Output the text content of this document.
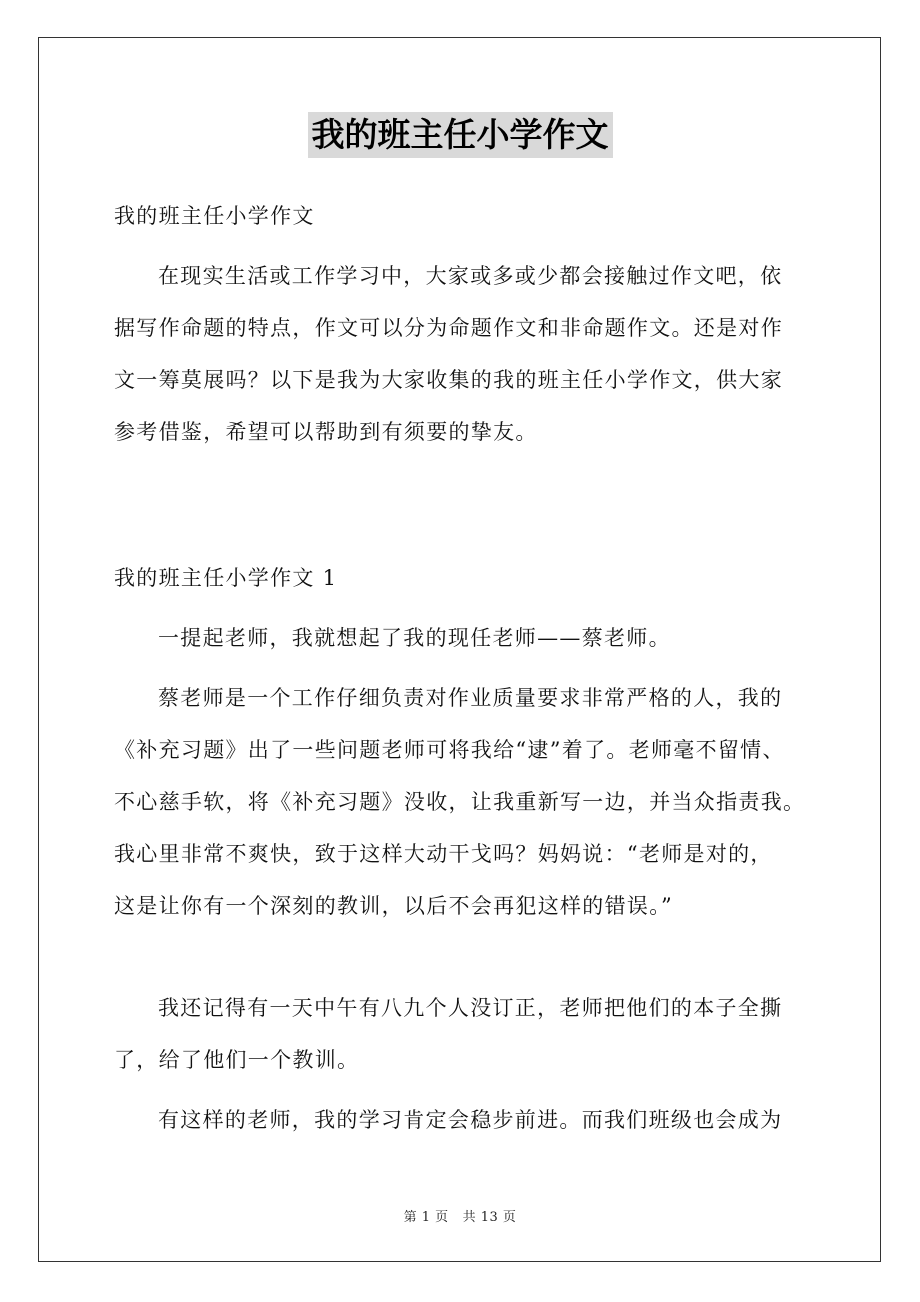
我的班主任小学作文

我的班主任小学作文

在现实生活或工作学习中，大家或多或少都会接触过作文吧，依
据写作命题的特点，作文可以分为命题作文和非命题作文。还是对作
文一筹莫展吗？以下是我为大家收集的我的班主任小学作文，供大家
参考借鉴，希望可以帮助到有须要的挚友。

我的班主任小学作文 1

一提起老师，我就想起了我的现任老师——蔡老师。

蔡老师是一个工作仔细负责对作业质量要求非常严格的人，我的
《补充习题》出了一些问题老师可将我给“逮”着了。老师毫不留情、
不心慈手软，将《补充习题》没收，让我重新写一边，并当众指责我。
我心里非常不爽快，致于这样大动干戈吗？妈妈说：“老师是对的，
这是让你有一个深刻的教训，以后不会再犯这样的错误。”

我还记得有一天中午有八九个人没订正，老师把他们的本子全撕
了，给了他们一个教训。

有这样的老师，我的学习肯定会稳步前进。而我们班级也会成为

第 1 页 共 13 页
